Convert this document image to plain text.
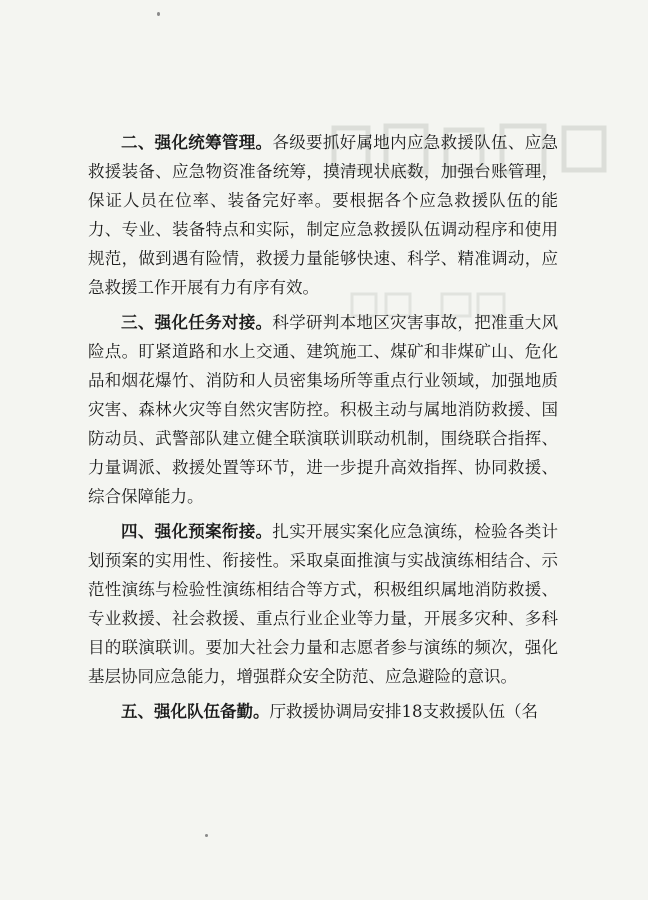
二、强化统筹管理。各级要抓好属地内应急救援队伍、应急救援装备、应急物资准备统筹，摸清现状底数，加强台账管理，保证人员在位率、装备完好率。要根据各个应急救援队伍的能力、专业、装备特点和实际，制定应急救援队伍调动程序和使用规范，做到遇有险情，救援力量能够快速、科学、精准调动，应急救援工作开展有力有序有效。

三、强化任务对接。科学研判本地区灾害事故，把准重大风险点。盯紧道路和水上交通、建筑施工、煤矿和非煤矿山、危化品和烟花爆竹、消防和人员密集场所等重点行业领域，加强地质灾害、森林火灾等自然灾害防控。积极主动与属地消防救援、国防动员、武警部队建立健全联演联训联动机制，围绕联合指挥、力量调派、救援处置等环节，进一步提升高效指挥、协同救援、综合保障能力。

四、强化预案衔接。扎实开展实案化应急演练，检验各类计划预案的实用性、衔接性。采取桌面推演与实战演练相结合、示范性演练与检验性演练相结合等方式，积极组织属地消防救援、专业救援、社会救援、重点行业企业等力量，开展多灾种、多科目的联演联训。要加大社会力量和志愿者参与演练的频次，强化基层协同应急能力，增强群众安全防范、应急避险的意识。

五、强化队伍备勤。厅救援协调局安排18支救援队伍（名
